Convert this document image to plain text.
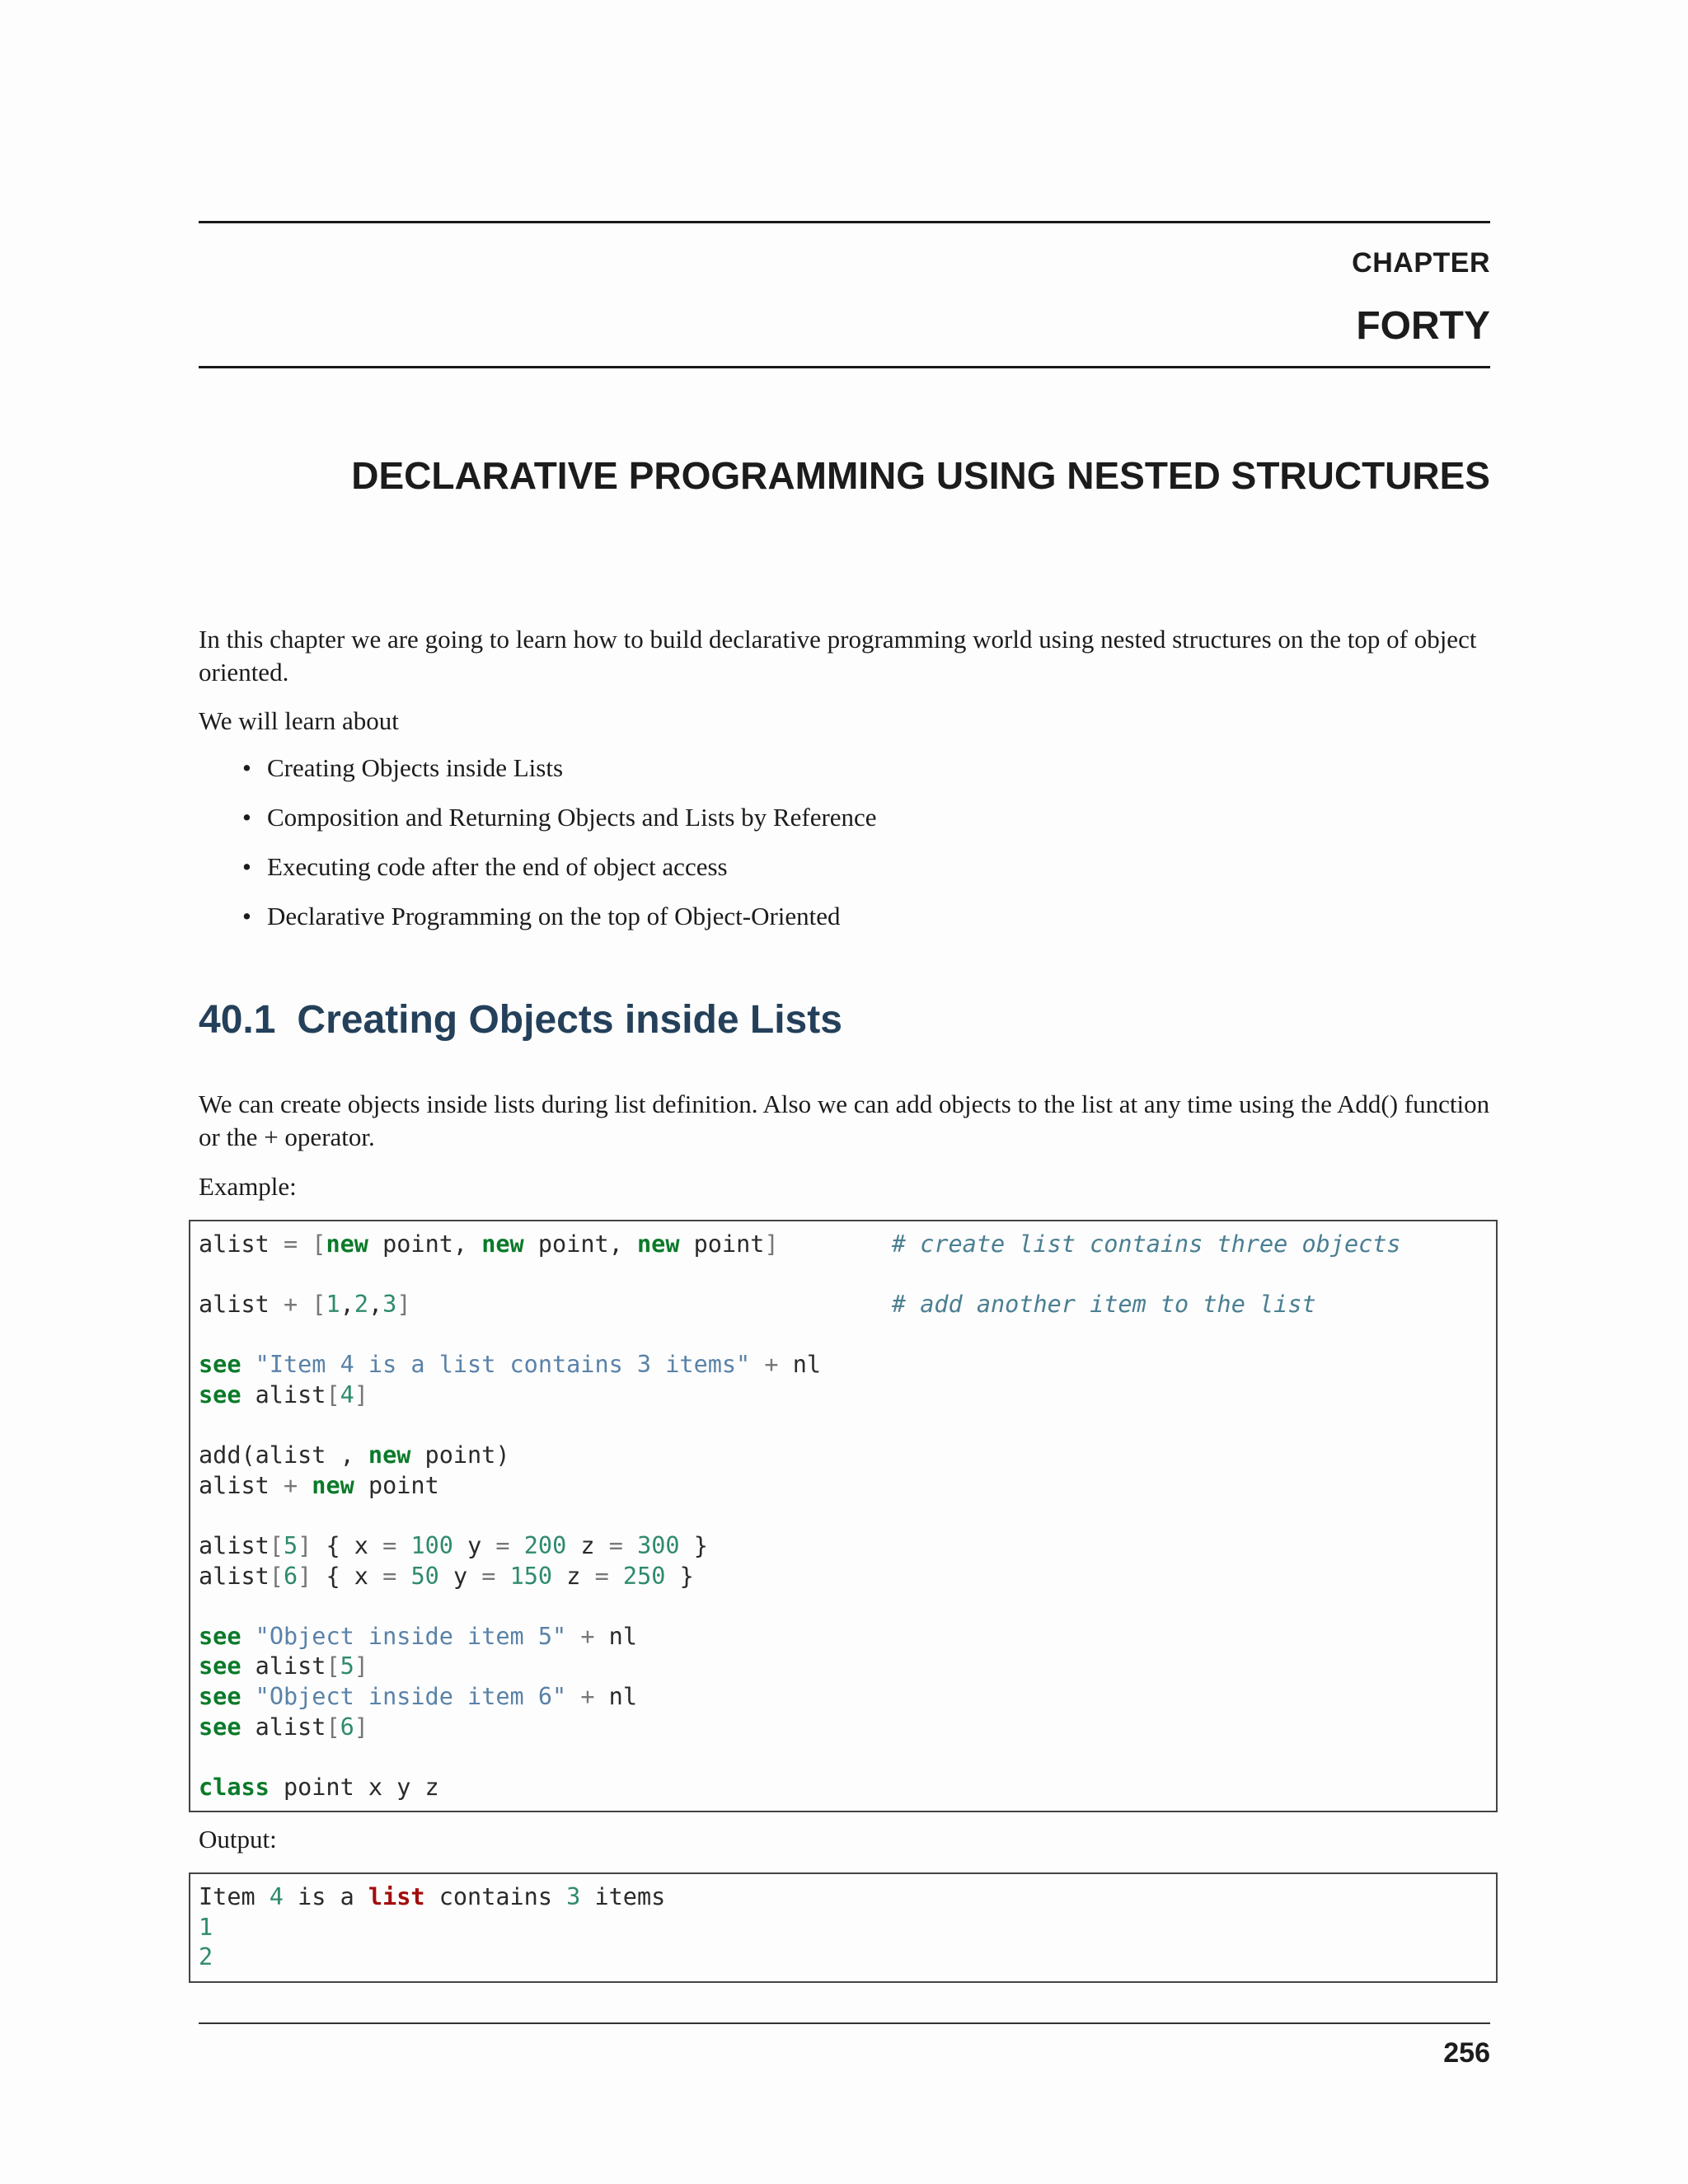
CHAPTER
FORTY
DECLARATIVE PROGRAMMING USING NESTED STRUCTURES

In this chapter we are going to learn how to build declarative programming world using nested structures on the top of object oriented.

We will learn about

• Creating Objects inside Lists
• Composition and Returning Objects and Lists by Reference
• Executing code after the end of object access
• Declarative Programming on the top of Object-Oriented
40.1 Creating Objects inside Lists

We can create objects inside lists during list definition. Also we can add objects to the list at any time using the Add() function or the + operator.

Example:

alist = [new point, new point, new point]	# create list contains three objects

alist + [1,2,3]	# add another item to the list

see "Item 4 is a list contains 3 items" + nl
see alist[4]

add(alist , new point)
alist + new point

alist[5] { x = 100 y = 200 z = 300 }
alist[6] { x = 50 y = 150 z = 250 }

see "Object inside item 5" + nl
see alist[5]
see "Object inside item 6" + nl
see alist[6]

class point x y z

Output:

Item 4 is a list contains 3 items
1
2
256
